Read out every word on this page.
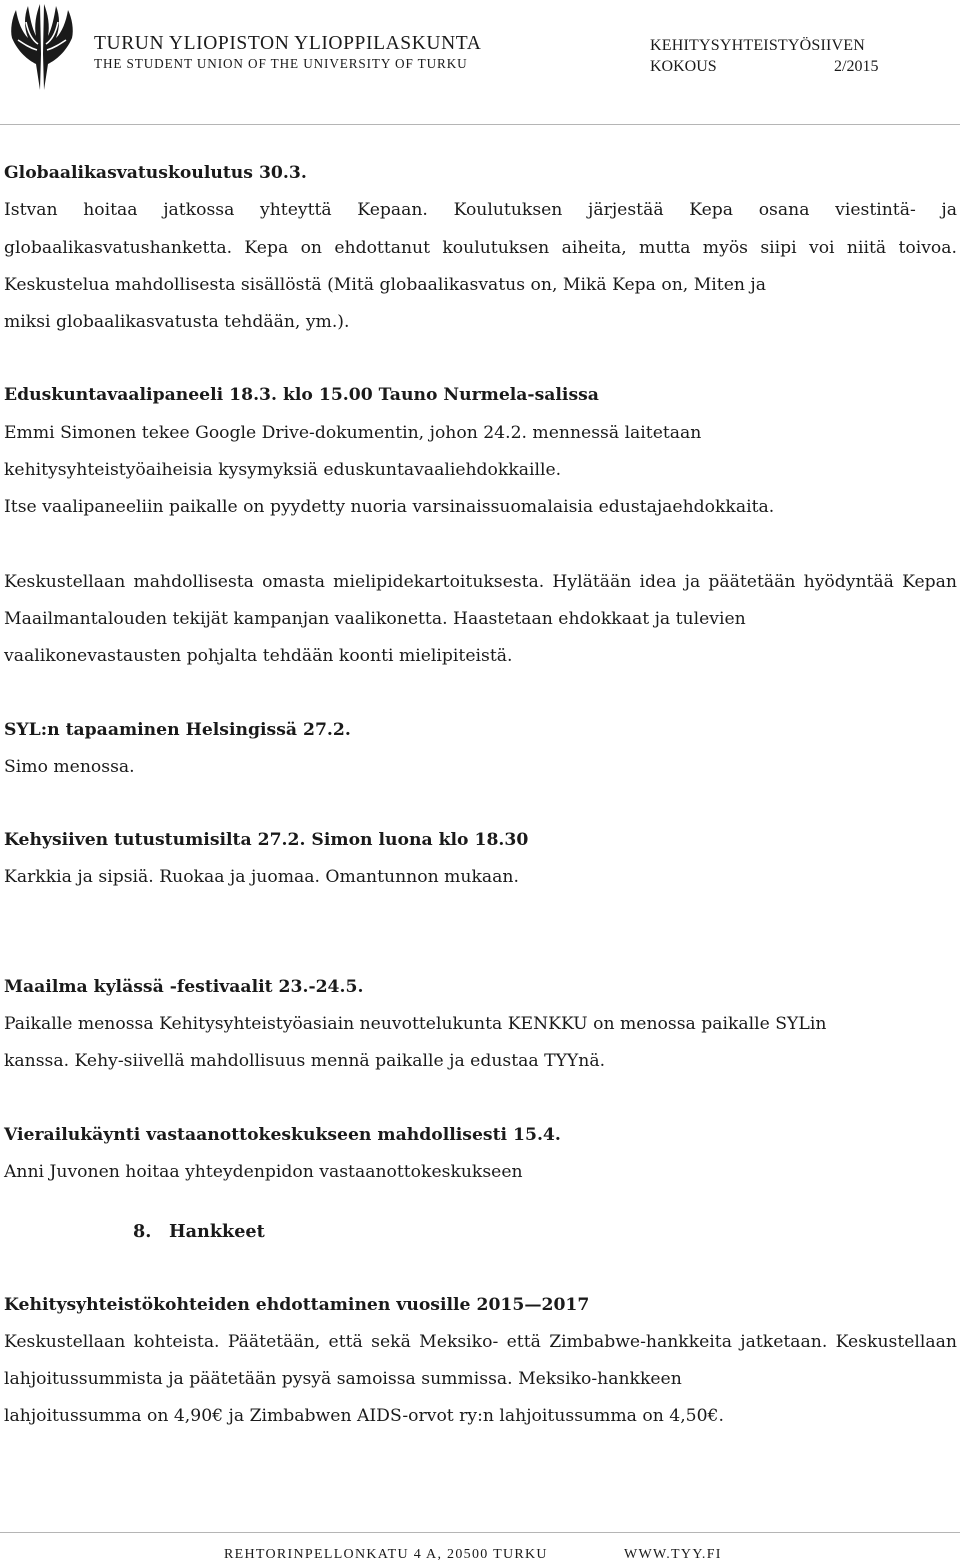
TURUN YLIOPISTON YLIOPPILASKUNTA
THE STUDENT UNION OF THE UNIVERSITY OF TURKU
KEHITYSYHTEISTYÖSIIVEN
KOKOUS	2/2015
Globaalikasvatuskoulutus 30.3.

Istvan hoitaa jatkossa yhteyttä Kepaan. Koulutuksen järjestää Kepa osana viestintä- ja globaalikasvatushanketta. Kepa on ehdottanut koulutuksen aiheita, mutta myös siipi voi niitä toivoa. Keskustelua mahdollisesta sisällöstä (Mitä globaalikasvatus on, Mikä Kepa on, Miten ja

miksi globaalikasvatusta tehdään, ym.).

Eduskuntavaalipaneeli 18.3. klo 15.00 Tauno Nurmela-salissa

Emmi Simonen tekee Google Drive-dokumentin, johon 24.2. mennessä laitetaan

kehitysyhteistyöaiheisia kysymyksiä eduskuntavaaliehdokkaille.

Itse vaalipaneeliin paikalle on pyydetty nuoria varsinaissuomalaisia edustajaehdokkaita.

Keskustellaan mahdollisesta omasta mielipidekartoituksesta. Hylätään idea ja päätetään hyödyntää Kepan Maailmantalouden tekijät kampanjan vaalikonetta. Haastetaan ehdokkaat ja tulevien

vaalikonevastausten pohjalta tehdään koonti mielipiteistä.

SYL:n tapaaminen Helsingissä 27.2.

Simo menossa.

Kehysiiven tutustumisilta 27.2. Simon luona klo 18.30

Karkkia ja sipsiä. Ruokaa ja juomaa. Omantunnon mukaan.

Maailma kylässä -festivaalit 23.-24.5.

Paikalle menossa Kehitysyhteistyöasiain neuvottelukunta KENKKU on menossa paikalle SYLin

kanssa. Kehy-siivellä mahdollisuus mennä paikalle ja edustaa TYYnä.

Vierailukäynti vastaanottokeskukseen mahdollisesti 15.4.

Anni Juvonen hoitaa yhteydenpidon vastaanottokeskukseen

8. Hankkeet
Kehitysyhteistökohteiden ehdottaminen vuosille 2015—2017

Keskustellaan kohteista. Päätetään, että sekä Meksiko- että Zimbabwe-hankkeita jatketaan. Keskustellaan lahjoitussummista ja päätetään pysyä samoissa summissa. Meksiko-hankkeen

lahjoitussumma on 4,90€ ja Zimbabwen AIDS-orvot ry:n lahjoitussumma on 4,50€.

REHTORINPELLONKATU 4 A, 20500 TURKU	WWW.TYY.FI
